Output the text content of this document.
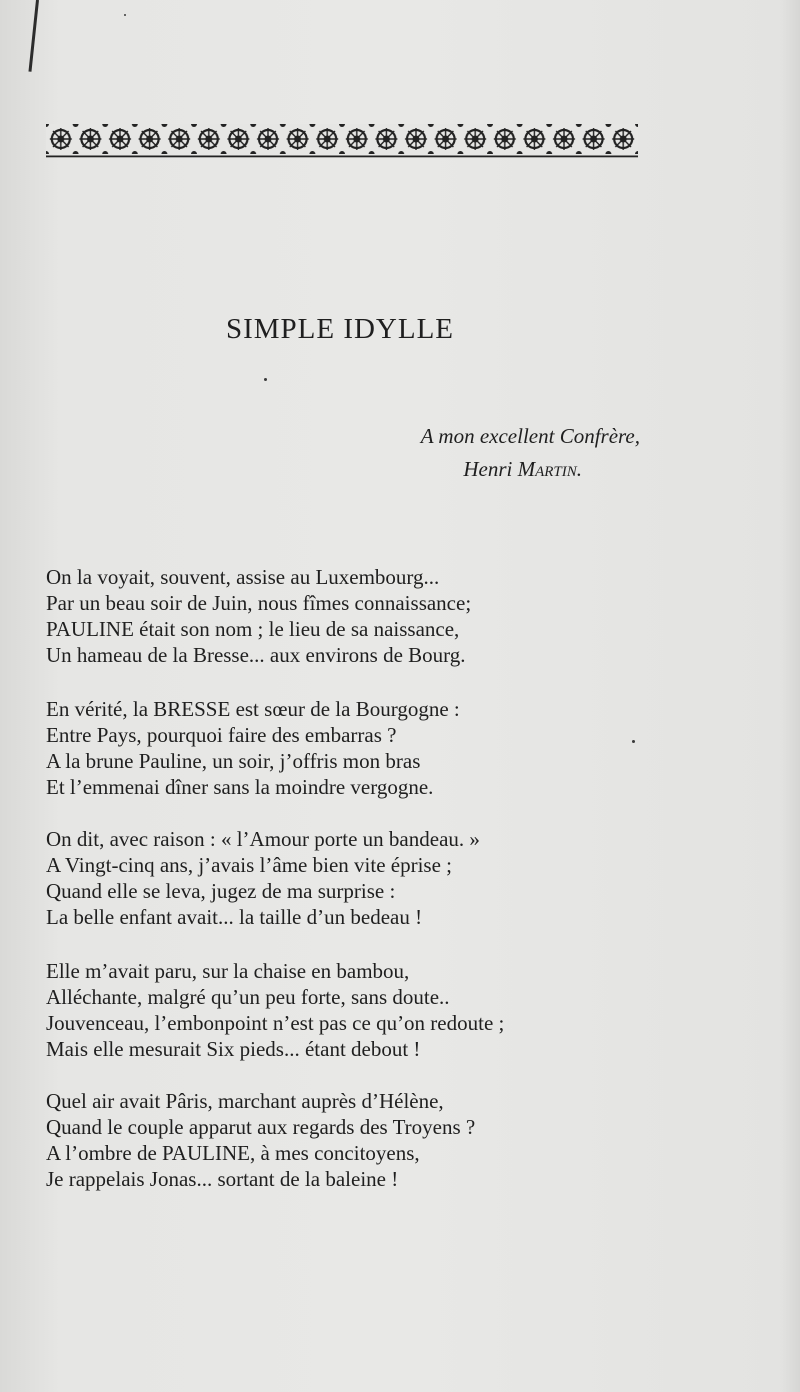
SIMPLE IDYLLE
A mon excellent Confrère,
Henri Martin.
On la voyait, souvent, assise au Luxembourg...
Par un beau soir de Juin, nous fîmes connaissance;
PAULINE était son nom ; le lieu de sa naissance,
Un hameau de la Bresse... aux environs de Bourg.
En vérité, la BRESSE est sœur de la Bourgogne :
Entre Pays, pourquoi faire des embarras ?
A la brune Pauline, un soir, j’offris mon bras
Et l’emmenai dîner sans la moindre vergogne.
On dit, avec raison : « l’Amour porte un bandeau. »
A Vingt-cinq ans, j’avais l’âme bien vite éprise ;
Quand elle se leva, jugez de ma surprise :
La belle enfant avait... la taille d’un bedeau !
Elle m’avait paru, sur la chaise en bambou,
Alléchante, malgré qu’un peu forte, sans doute..
Jouvenceau, l’embonpoint n’est pas ce qu’on redoute ;
Mais elle mesurait Six pieds... étant debout !
Quel air avait Pâris, marchant auprès d’Hélène,
Quand le couple apparut aux regards des Troyens ?
A l’ombre de PAULINE, à mes concitoyens,
Je rappelais Jonas... sortant de la baleine !
